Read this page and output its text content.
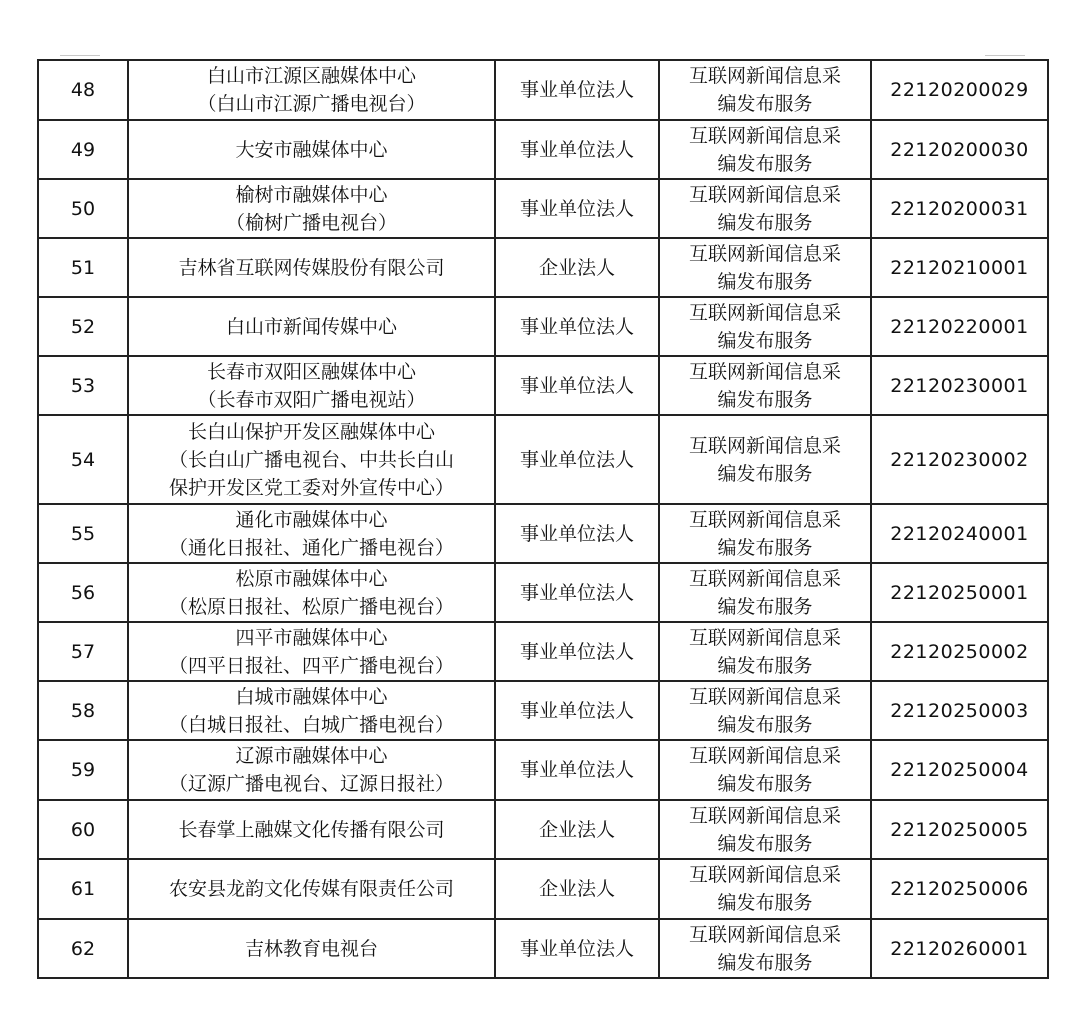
48	白山市江源区融媒体中心
（白山市江源广播电视台）	事业单位法人	互联网新闻信息采
编发布服务	22120200029
49	大安市融媒体中心	事业单位法人	互联网新闻信息采
编发布服务	22120200030
50	榆树市融媒体中心
（榆树广播电视台）	事业单位法人	互联网新闻信息采
编发布服务	22120200031
51	吉林省互联网传媒股份有限公司	企业法人	互联网新闻信息采
编发布服务	22120210001
52	白山市新闻传媒中心	事业单位法人	互联网新闻信息采
编发布服务	22120220001
53	长春市双阳区融媒体中心
（长春市双阳广播电视站）	事业单位法人	互联网新闻信息采
编发布服务	22120230001
54	长白山保护开发区融媒体中心
（长白山广播电视台、中共长白山
保护开发区党工委对外宣传中心）	事业单位法人	互联网新闻信息采
编发布服务	22120230002
55	通化市融媒体中心
（通化日报社、通化广播电视台）	事业单位法人	互联网新闻信息采
编发布服务	22120240001
56	松原市融媒体中心
（松原日报社、松原广播电视台）	事业单位法人	互联网新闻信息采
编发布服务	22120250001
57	四平市融媒体中心
（四平日报社、四平广播电视台）	事业单位法人	互联网新闻信息采
编发布服务	22120250002
58	白城市融媒体中心
（白城日报社、白城广播电视台）	事业单位法人	互联网新闻信息采
编发布服务	22120250003
59	辽源市融媒体中心
（辽源广播电视台、辽源日报社）	事业单位法人	互联网新闻信息采
编发布服务	22120250004
60	长春掌上融媒文化传播有限公司	企业法人	互联网新闻信息采
编发布服务	22120250005
61	农安县龙韵文化传媒有限责任公司	企业法人	互联网新闻信息采
编发布服务	22120250006
62	吉林教育电视台	事业单位法人	互联网新闻信息采
编发布服务	22120260001
